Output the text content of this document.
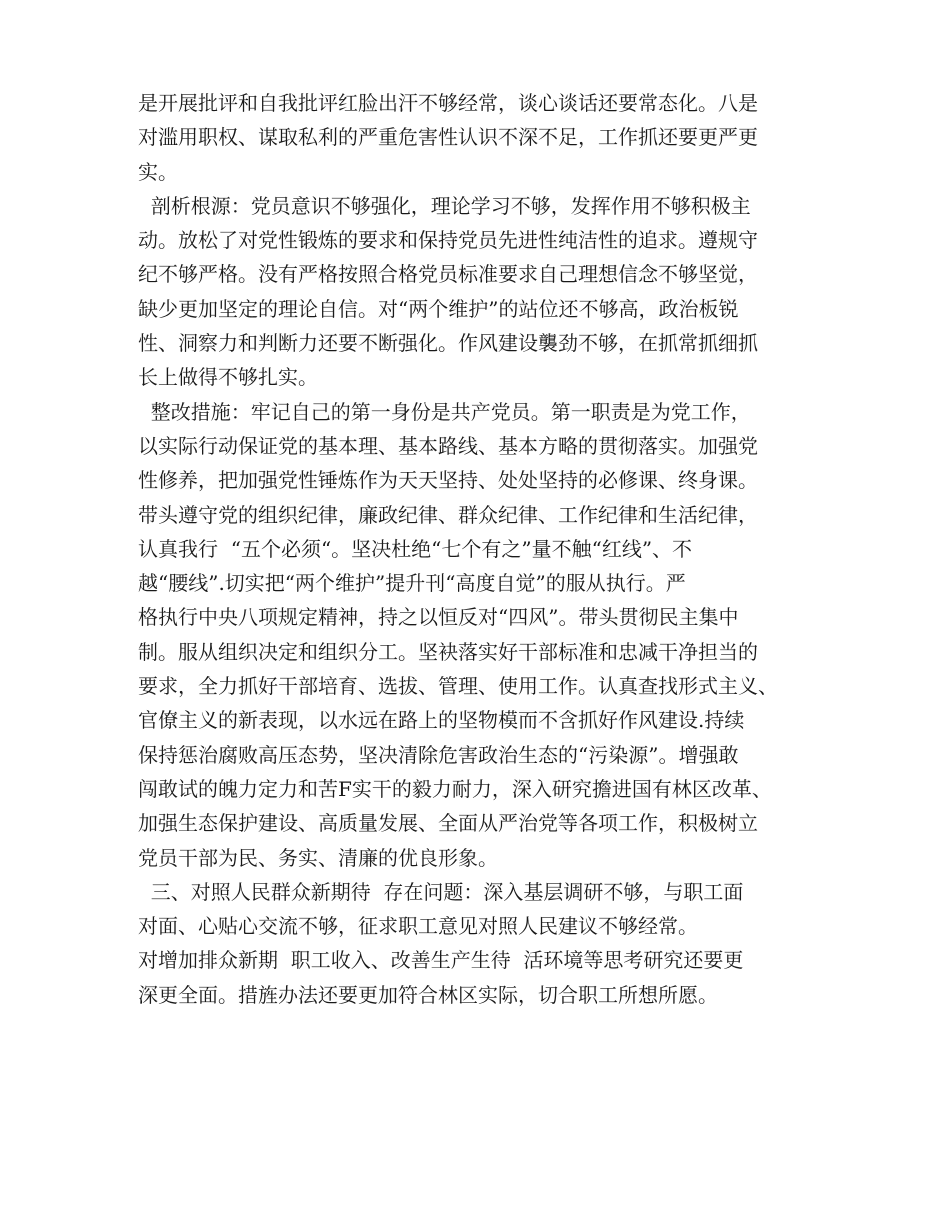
是开展批评和自我批评红脸出汗不够经常，谈心谈话还要常态化。八是
对滥用职权、谋取私利的严重危害性认识不深不足，工作抓还要更严更
实。
剖析根源：党员意识不够强化，理论学习不够，发挥作用不够积极主
动。放松了对党性锻炼的要求和保持党员先进性纯洁性的追求。遵规守
纪不够严格。没有严格按照合格党员标准要求自己理想信念不够坚觉，
缺少更加坚定的理论自信。对“两个维护”的站位还不够高，政治板锐
性、洞察力和判断力还要不断强化。作风建设襲劲不够，在抓常抓细抓
长上做得不够扎实。
整改措施：牢记自己的第一身份是共产党员。第一职责是为党工作，
以实际行动保证党的基本理、基本路线、基本方略的贯彻落实。加强党
性修养，把加强党性锤炼作为天天坚持、处处坚持的必修课、终身课。
带头遵守党的组织纪律，廉政纪律、群众纪律、工作纪律和生活纪律，
认真我行  “五个必须“。坚决杜绝“七个有之”量不触“红线”、不
越“腰线”.切实把“两个维护”提升刊“高度自觉”的服从执行。严
格执行中央八项规定精神，持之以恒反对“四风”。带头贯彻民主集中
制。服从组织决定和组织分工。坚袂落实好干部标准和忠减干净担当的
要求，全力抓好干部培育、选拔、管理、使用工作。认真查找形式主义、
官僚主义的新表现，以水远在路上的坚物模而不含抓好作风建设.持续
保持惩治腐败高压态势，坚决清除危害政治生态的“污染源”。增强敢
闯敢试的魄力定力和苦F实干的毅力耐力，深入研究擔进国有林区改革、
加强生态保护建设、高质量发展、全面从严治党等各项工作，积极树立
党员干部为民、务实、清廉的优良形象。
三、对照人民群众新期待  存在问题：深入基层调研不够，与职工面
对面、心贴心交流不够，征求职工意见对照人民建议不够经常。
对增加排众新期  职工收入、改善生产生待  活环境等思考研究还要更
深更全面。措旌办法还要更加符合林区实际，切合职工所想所愿。
